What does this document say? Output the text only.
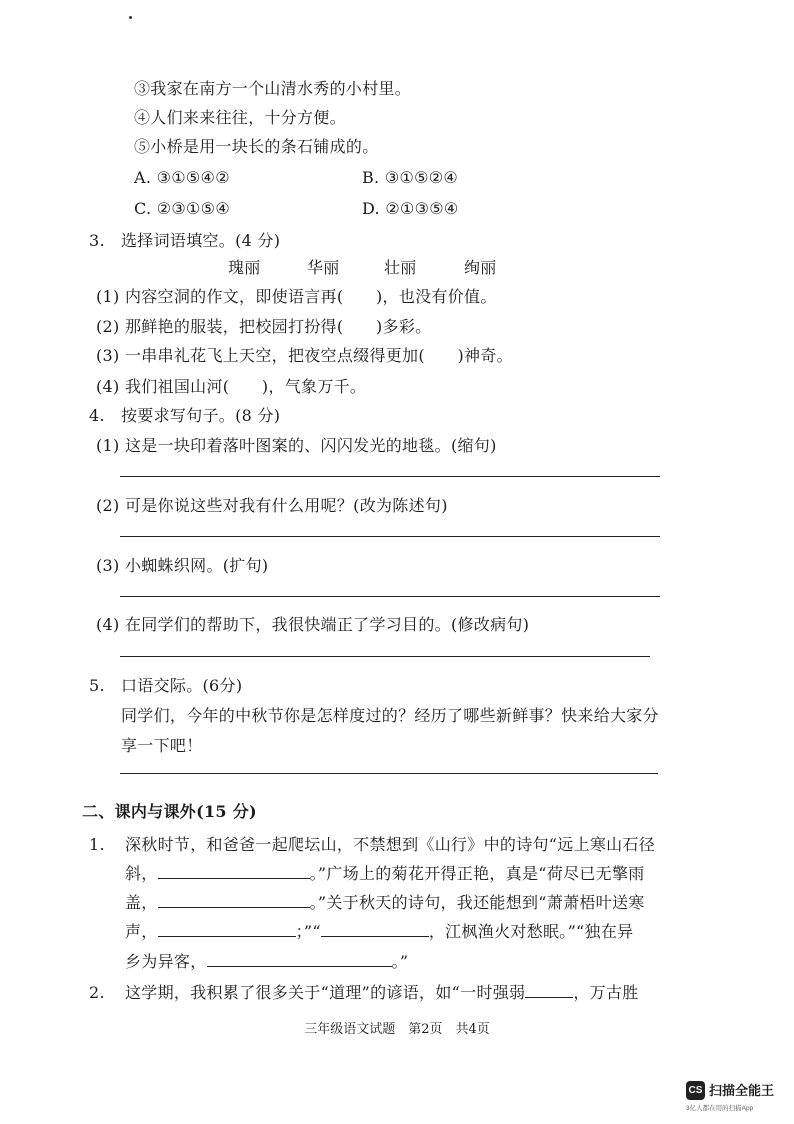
③我家在南方一个山清水秀的小村里。
④人们来来往往，十分方便。
⑤小桥是用一块长的条石铺成的。
A. ③①⑤④②	B. ③①⑤②④
C. ②③①⑤④	D. ②①③⑤④
3. 选择词语填空。(4 分)
瑰丽	华丽	壮丽	绚丽
(1) 内容空洞的作文，即使语言再(　　)，也没有价值。
(2) 那鲜艳的服装，把校园打扮得(　　)多彩。
(3) 一串串礼花飞上天空，把夜空点缀得更加(　　)神奇。
(4) 我们祖国山河(　　)，气象万千。
4. 按要求写句子。(8 分)
(1) 这是一块印着落叶图案的、闪闪发光的地毯。(缩句)
(2) 可是你说这些对我有什么用呢？(改为陈述句)
(3) 小蜘蛛织网。(扩句)
(4) 在同学们的帮助下，我很快端正了学习目的。(修改病句)
5. 口语交际。(6分)
同学们，今年的中秋节你是怎样度过的？经历了哪些新鲜事？快来给大家分
享一下吧！
二、课内与课外(15 分)
1. 深秋时节，和爸爸一起爬坛山，不禁想到《山行》中的诗句“远上寒山石径
斜，	。”广场上的菊花开得正艳，真是“荷尽已无擎雨
盖，	。”关于秋天的诗句，我还能想到“萧萧梧叶送寒
声，	；”“	，江枫渔火对愁眠。”“独在异
乡为异客，	。”
2. 这学期，我积累了很多关于“道理”的谚语，如“一时强弱	，万古胜
三年级语文试题　第2页　共4页
CS 扫描全能王
3亿人都在用的扫描App
